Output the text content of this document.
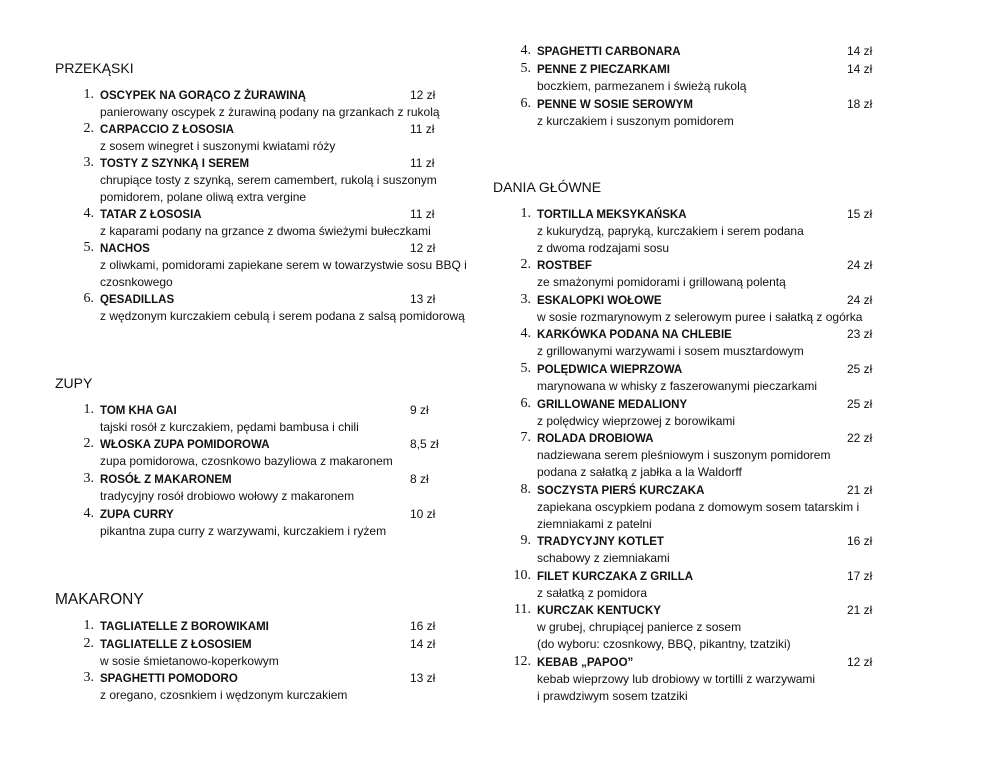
PRZEKĄSKI
1. OSCYPEK NA GORĄCO Z ŻURAWINĄ	12 zł
panierowany oscypek z żurawiną podany na grzankach z rukolą
2. CARPACCIO Z ŁOSOSIA	11 zł
z sosem winegret i suszonymi kwiatami róży
3. TOSTY Z SZYNKĄ I SEREM	11 zł
chrupiące tosty z szynką, serem camembert, rukolą i suszonym
pomidorem, polane oliwą extra vergine
4. TATAR Z ŁOSOSIA	11 zł
z kaparami podany na grzance z dwoma świeżymi bułeczkami
5. NACHOS	12 zł
z oliwkami, pomidorami zapiekane serem w towarzystwie sosu BBQ i
czosnkowego
6. QESADILLAS	13 zł
z wędzonym kurczakiem cebulą i serem podana z salsą pomidorową
ZUPY
1. TOM KHA GAI	9 zł
tajski rosół z kurczakiem, pędami bambusa i chili
2. WŁOSKA ZUPA POMIDOROWA	8,5 zł
zupa pomidorowa, czosnkowo bazyliowa z makaronem
3. ROSÓŁ Z MAKARONEM	8 zł
tradycyjny rosół drobiowo wołowy z makaronem
4. ZUPA CURRY	10 zł
pikantna zupa curry z warzywami, kurczakiem i ryżem
MAKARONY
1. TAGLIATELLE Z BOROWIKAMI	16 zł
2. TAGLIATELLE Z ŁOSOSIEM	14 zł
w sosie śmietanowo-koperkowym
3. SPAGHETTI POMODORO	13 zł
z oregano, czosnkiem i wędzonym kurczakiem
4. SPAGHETTI CARBONARA	14 zł
5. PENNE Z PIECZARKAMI	14 zł
boczkiem, parmezanem i świeżą rukolą
6. PENNE W SOSIE SEROWYM	18 zł
z kurczakiem i suszonym pomidorem
DANIA GŁÓWNE
1. TORTILLA MEKSYKAŃSKA	15 zł
z kukurydzą, papryką, kurczakiem i serem podana
z dwoma rodzajami sosu
2. ROSTBEF	24 zł
ze smażonymi pomidorami i grillowaną polentą
3. ESKALOPKI WOŁOWE	24 zł
w sosie rozmarynowym z selerowym puree i sałatką z ogórka
4. KARKÓWKA PODANA NA CHLEBIE	23 zł
z grillowanymi warzywami i sosem musztardowym
5. POLĘDWICA WIEPRZOWA	25 zł
marynowana w whisky z faszerowanymi pieczarkami
6. GRILLOWANE MEDALIONY	25 zł
z polędwicy wieprzowej z borowikami
7. ROLADA DROBIOWA	22 zł
nadziewana serem pleśniowym i suszonym pomidorem
podana z sałatką z jabłka a la Waldorff
8. SOCZYSTA PIERŚ KURCZAKA	21 zł
zapiekana oscypkiem podana z domowym sosem tatarskim i
ziemniakami z patelni
9. TRADYCYJNY KOTLET	16 zł
schabowy z ziemniakami
10. FILET KURCZAKA Z GRILLA	17 zł
z sałatką z pomidora
11. KURCZAK KENTUCKY	21 zł
w grubej, chrupiącej panierce z sosem
(do wyboru: czosnkowy, BBQ, pikantny, tzatziki)
12. KEBAB „PAPOO”	12 zł
kebab wieprzowy lub drobiowy w tortilli z warzywami
i prawdziwym sosem tzatziki
